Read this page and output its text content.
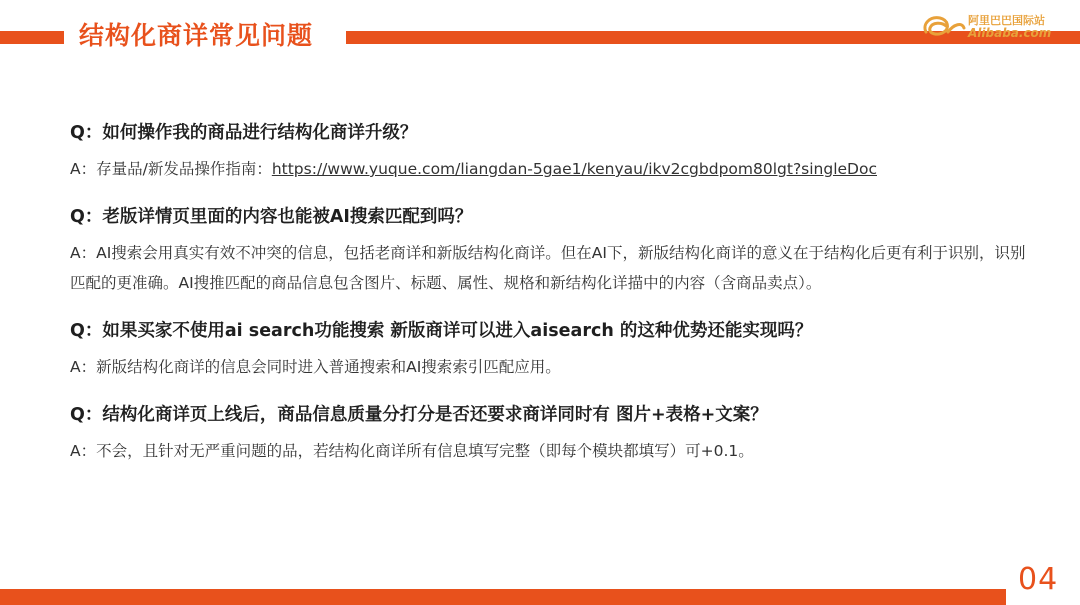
结构化商详常见问题
阿里巴巴国际站
Alibaba.com
Q：如何操作我的商品进行结构化商详升级？
A：存量品/新发品操作指南：https://www.yuque.com/liangdan-5gae1/kenyau/ikv2cgbdpom80lgt?singleDoc
Q：老版详情页里面的内容也能被AI搜索匹配到吗？
A：AI搜索会用真实有效不冲突的信息，包括老商详和新版结构化商详。但在AI下，新版结构化商详的意义在于结构化后更有利于识别，识别匹配的更准确。AI搜推匹配的商品信息包含图片、标题、属性、规格和新结构化详描中的内容（含商品卖点）。
Q：如果买家不使用ai search功能搜索 新版商详可以进入aisearch 的这种优势还能实现吗？
A：新版结构化商详的信息会同时进入普通搜索和AI搜索索引匹配应用。
Q：结构化商详页上线后，商品信息质量分打分是否还要求商详同时有 图片+表格+文案？
A：不会，且针对无严重问题的品，若结构化商详所有信息填写完整（即每个模块都填写）可+0.1。
04
